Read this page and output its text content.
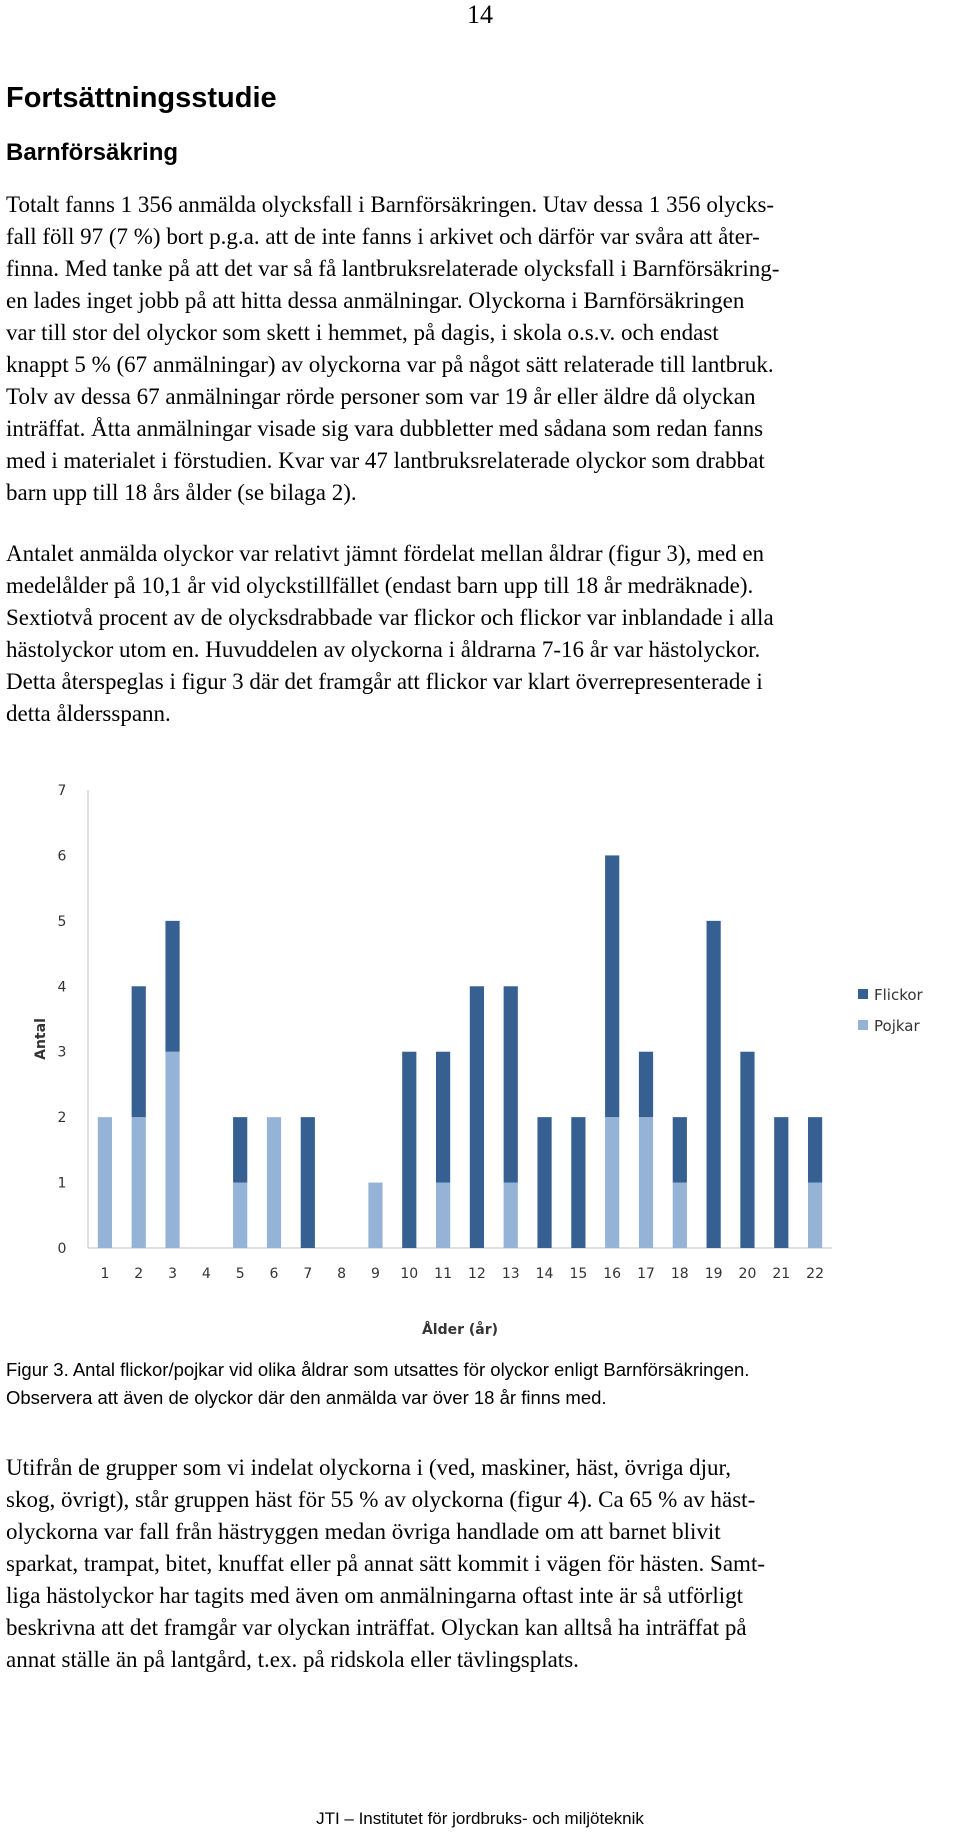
14
Fortsättningsstudie
Barnförsäkring

Totalt fanns 1 356 anmälda olycksfall i Barnförsäkringen. Utav dessa 1 356 olycks-
fall föll 97 (7 %) bort p.g.a. att de inte fanns i arkivet och därför var svåra att åter-
finna. Med tanke på att det var så få lantbruksrelaterade olycksfall i Barnförsäkring-
en lades inget jobb på att hitta dessa anmälningar. Olyckorna i Barnförsäkringen
var till stor del olyckor som skett i hemmet, på dagis, i skola o.s.v. och endast
knappt 5 % (67 anmälningar) av olyckorna var på något sätt relaterade till lantbruk.
Tolv av dessa 67 anmälningar rörde personer som var 19 år eller äldre då olyckan
inträffat. Åtta anmälningar visade sig vara dubbletter med sådana som redan fanns
med i materialet i förstudien. Kvar var 47 lantbruksrelaterade olyckor som drabbat
barn upp till 18 års ålder (se bilaga 2).

Antalet anmälda olyckor var relativt jämnt fördelat mellan åldrar (figur 3), med en
medelålder på 10,1 år vid olyckstillfället (endast barn upp till 18 år medräknade).
Sextiotvå procent av de olycksdrabbade var flickor och flickor var inblandade i alla
hästolyckor utom en. Huvuddelen av olyckorna i åldrarna 7-16 år var hästolyckor.
Detta återspeglas i figur 3 där det framgår att flickor var klart överrepresenterade i
detta åldersspann.

0
1
2
3
4
5
6
7
1 2 3 4 5 6 7 8 9 10 11 12 13 14 15 16 17 18 19 20 21 22
Ålder (år)
Antal
Flickor
Pojkar

Figur 3. Antal flickor/pojkar vid olika åldrar som utsattes för olyckor enligt Barnförsäkringen.
Observera att även de olyckor där den anmälda var över 18 år finns med.

Utifrån de grupper som vi indelat olyckorna i (ved, maskiner, häst, övriga djur,
skog, övrigt), står gruppen häst för 55 % av olyckorna (figur 4). Ca 65 % av häst-
olyckorna var fall från hästryggen medan övriga handlade om att barnet blivit
sparkat, trampat, bitet, knuffat eller på annat sätt kommit i vägen för hästen. Samt-
liga hästolyckor har tagits med även om anmälningarna oftast inte är så utförligt
beskrivna att det framgår var olyckan inträffat. Olyckan kan alltså ha inträffat på
annat ställe än på lantgård, t.ex. på ridskola eller tävlingsplats.

JTI – Institutet för jordbruks- och miljöteknik
